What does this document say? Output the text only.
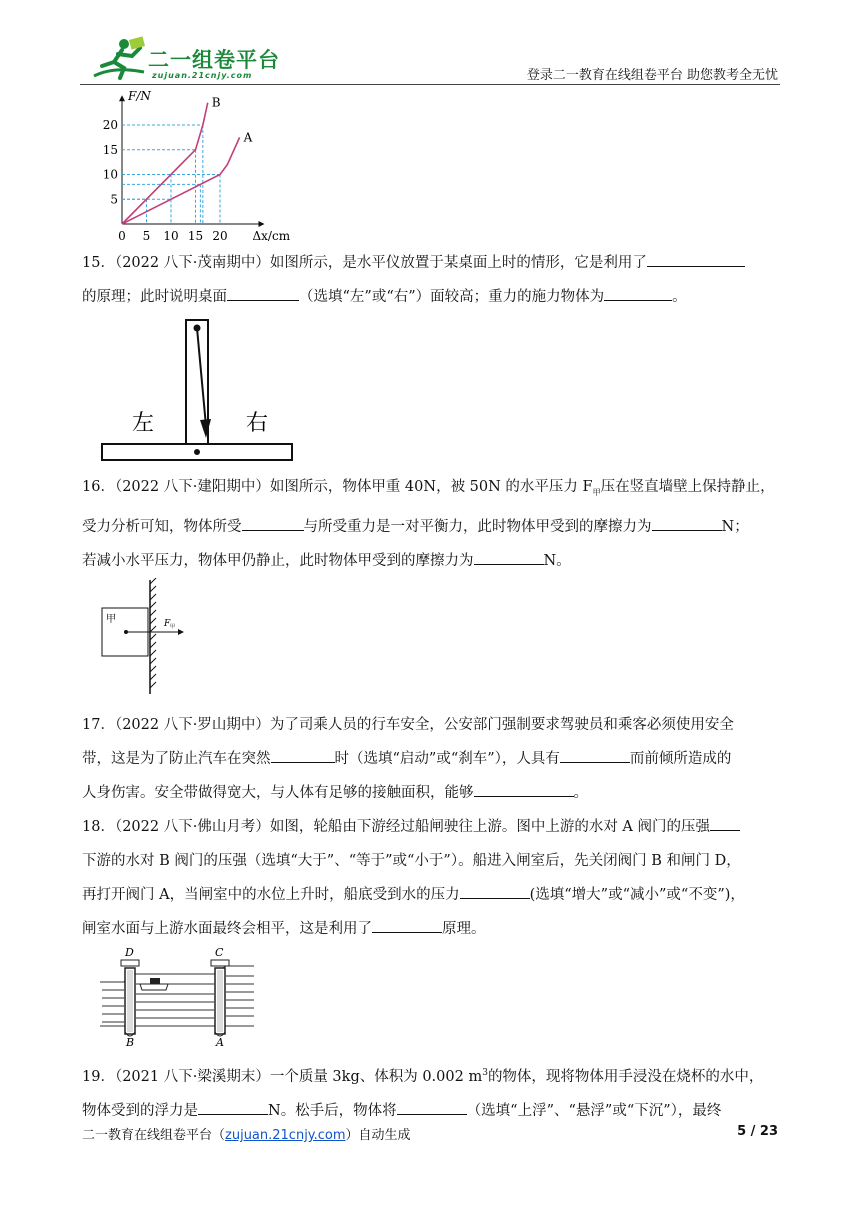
二一组卷平台
zujuan.21cnjy.com	登录二一教育在线组卷平台 助您教考全无忧
B
A
0 5 10 15 20
5
10
15
20
F/N
Δx/cm
15．（2022 八下·茂南期中）如图所示，是水平仪放置于某桌面上时的情形，它是利用了
的原理；此时说明桌面	（选填“左”或“右”）面较高；重力的施力物体为	。
左	右
16．（2022 八下·建阳期中）如图所示，物体甲重 40N，被 50N 的水平压力 $F_甲$压在竖直墙壁上保持静止，
受力分析可知，物体所受	与所受重力是一对平衡力，此时物体甲受到的摩擦力为	N；
若减小水平压力，物体甲仍静止，此时物体甲受到的摩擦力为	N。
甲	F 甲
17．（2022 八下·罗山期中）为了司乘人员的行车安全，公安部门强制要求驾驶员和乘客必须使用安全
带，这是为了防止汽车在突然	时（选填“启动”或“刹车”），人具有	而前倾所造成的
人身伤害。安全带做得宽大，与人体有足够的接触面积，能够	。
18．（2022 八下·佛山月考）如图，轮船由下游经过船闸驶往上游。图中上游的水对 A 阀门的压强
下游的水对 B 阀门的压强（选填“大于”、“等于”或“小于”）。船进入闸室后，先关闭阀门 B 和闸门 D，
再打开阀门 A，当闸室中的水位上升时，船底受到水的压力	(选填“增大”或“减小”或“不变”)，
闸室水面与上游水面最终会相平，这是利用了	原理。
D	C
B	A
19．（2021 八下·梁溪期末）一个质量 3kg、体积为 0.002 $m^3$的物体，现将物体用手浸没在烧杯的水中，
物体受到的浮力是	N。松手后，物体将	（选填“上浮”、“悬浮”或“下沉”），最终
二一教育在线组卷平台（zujuan.21cnjy.com）自动生成	5 / 23
